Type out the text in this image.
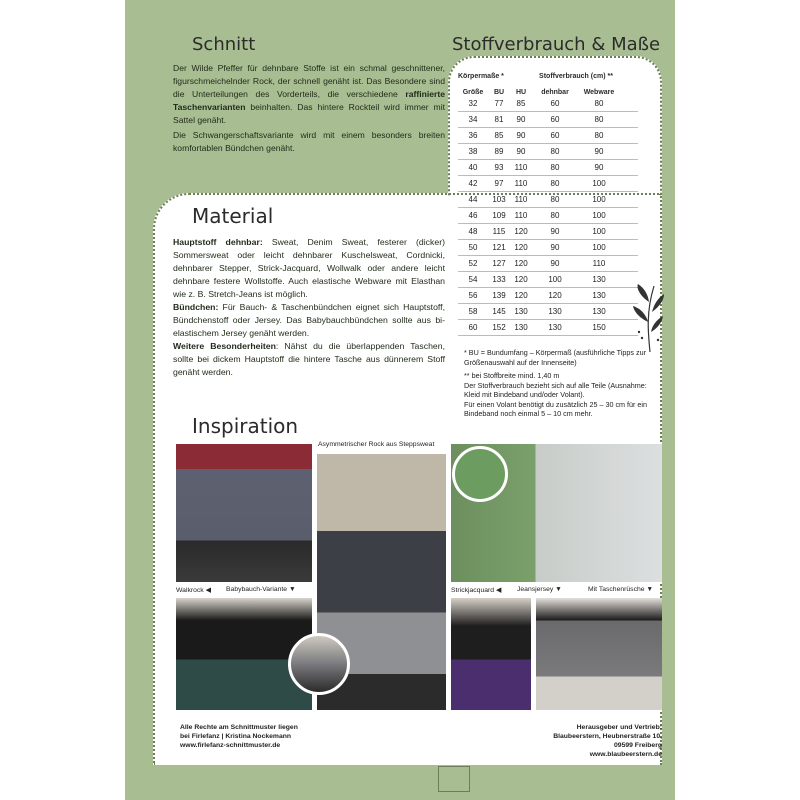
Schnitt	Stoffverbrauch & Maße
Material
Inspiration

Der Wilde Pfeffer für dehnbare Stoffe ist ein schmal geschnittener, figurschmeichelnder Rock, der schnell genäht ist. Das Besondere sind die Unterteilungen des Vorderteils, die verschiedene raffinierte Taschenvarianten beinhalten. Das hintere Rockteil wird immer mit Sattel genäht.

Die Schwangerschaftsvariante wird mit einem besonders breiten komfortablen Bündchen genäht.

Hauptstoff dehnbar: Sweat, Denim Sweat, festerer (dicker) Sommersweat oder leicht dehnbarer Kuschelsweat, Cordnicki, dehnbarer Stepper, Strick-Jacquard, Wollwalk oder andere leicht dehnbare festere Wollstoffe. Auch elastische Webware mit Elasthan wie z. B. Stretch-Jeans ist möglich.

Bündchen: Für Bauch- & Taschenbündchen eignet sich Hauptstoff, Bündchenstoff oder Jersey. Das Babybauchbündchen sollte aus bi-elastischem Jersey genäht werden.

Weitere Besonderheiten: Nähst du die überlappenden Taschen, sollte bei dickem Hauptstoff die hintere Tasche aus dünnerem Stoff genäht werden.

Körpermaße *	Stoffverbrauch (cm) **
Größe	BU	HU	dehnbar	Webware
32	77	85	60	80
34	81	90	60	80
36	85	90	60	80
38	89	90	80	90
40	93	110	80	90
42	97	110	80	100
44	103	110	80	100
46	109	110	80	100
48	115	120	90	100
50	121	120	90	100
52	127	120	90	110
54	133	120	100	130
56	139	120	120	130
58	145	130	130	130
60	152	130	130	150

* BU = Bundumfang – Körpermaß (ausführliche Tipps zur Größenauswahl auf der Innenseite)

** bei Stoffbreite mind. 1,40 m

Der Stoffverbrauch bezieht sich auf alle Teile (Ausnahme: Kleid mit Bindeband und/oder Volant).

Für einen Volant benötigt du zusätzlich 25 – 30 cm für ein Bindeband noch einmal 5 – 10 cm mehr.

Asymmetrischer Rock aus Steppsweat
Walkrock ◀ Babybauch-Variante ▼	Strickjacquard ◀ Jeansjersey ▼	Mit Taschenrüsche ▼
Alle Rechte am Schnittmuster liegen
bei Firlefanz | Kristina Nockemann
www.firlefanz-schnittmuster.de
Herausgeber und Vertrieb:
Blaubeerstern, Heubnerstraße 10,
09599 Freiberg
www.blaubeerstern.de
